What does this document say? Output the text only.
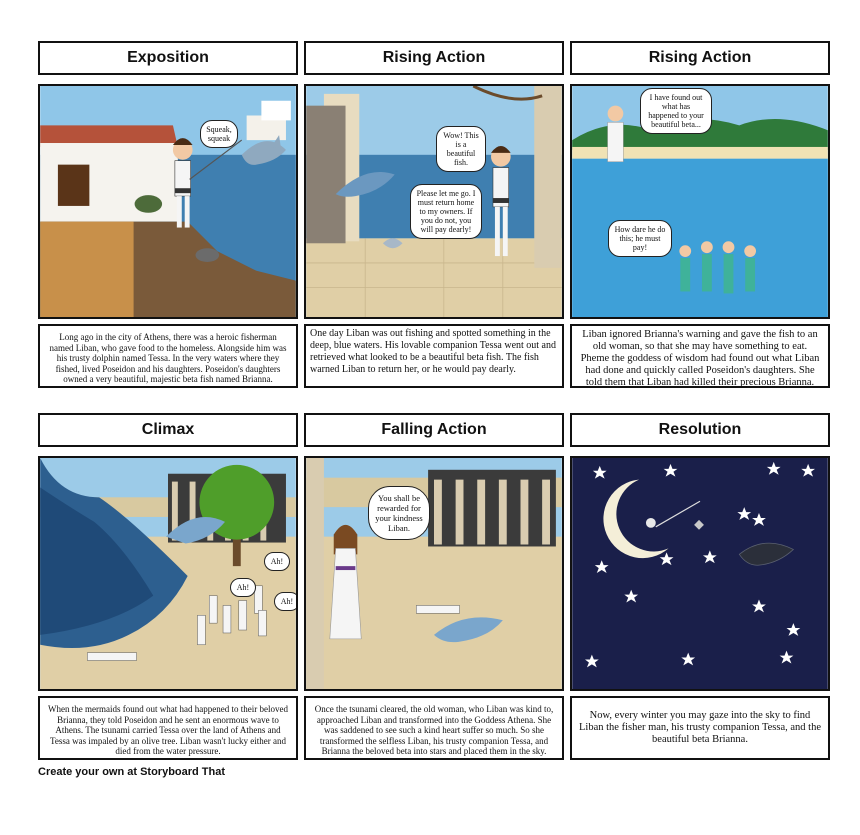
Exposition	Rising Action	Rising Action
Squeak, squeak	Wow! This is a beautiful fish.
Please let me go. I must return home to my owners. If you do not, you will pay dearly!
I have found out what has happened to your beautiful beta...
How dare he do this; he must pay!
Long ago in the city of Athens, there was a heroic fisherman named Liban, who gave food to the homeless. Alongside him was his trusty dolphin named Tessa. In the very waters where they fished, lived Poseidon and his daughters. Poseidon's daughters owned a very beautiful, majestic beta fish named Brianna.
One day Liban was out fishing and spotted something in the deep, blue waters. His lovable companion Tessa went out and retrieved what looked to be a beautiful beta fish. The fish warned Liban to return her, or he would pay dearly.
Liban ignored Brianna's warning and gave the fish to an old woman, so that she may have something to eat. Pheme the goddess of wisdom had found out what Liban had done and quickly called Poseidon's daughters. She told them that Liban had killed their precious Brianna.
Climax	Falling Action	Resolution
Ah!
Ah!
Ah!
You shall be rewarded for your kindness Liban.
When the mermaids found out what had happened to their beloved Brianna, they told Poseidon and he sent an enormous wave to Athens. The tsunami carried Tessa over the land of Athens and Tessa was impaled by an olive tree. Liban wasn't lucky either and died from the water pressure.
Once the tsunami cleared, the old woman, who Liban was kind to, approached Liban and transformed into the Goddess Athena. She was saddened to see such a kind heart suffer so much. So she transformed the selfless Liban, his trusty companion Tessa, and Brianna the beloved beta into stars and placed them in the sky.
Now, every winter you may gaze into the sky to find Liban the fisher man, his trusty companion Tessa, and the beautiful beta Brianna.
Create your own at Storyboard That
